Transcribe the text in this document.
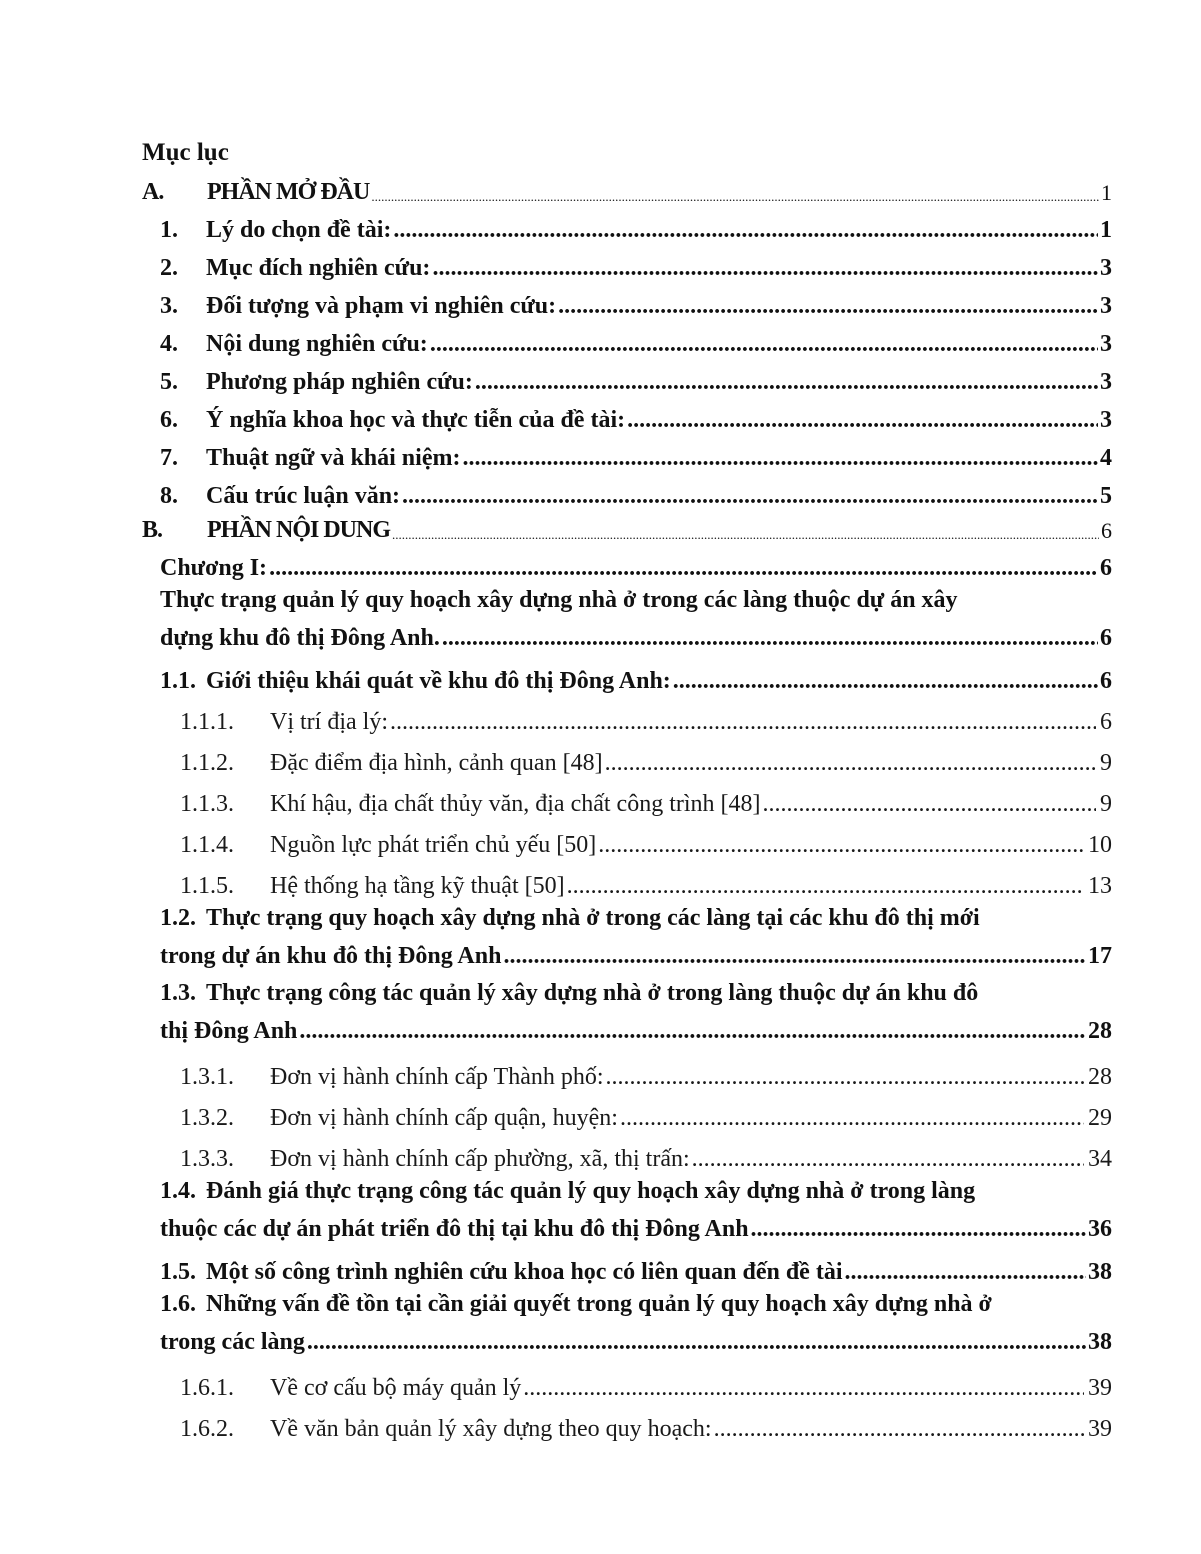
Mục lục
A.	PHẦN MỞ ĐẦU .....	1
1.	Lý do chọn đề tài: .....	1
2.	Mục đích nghiên cứu: .....	3
3.	Đối tượng và phạm vi nghiên cứu: .....	3
4.	Nội dung nghiên cứu: .....	3
5.	Phương pháp nghiên cứu: .....	3
6.	Ý nghĩa khoa học và thực tiễn của đề tài: .....	3
7.	Thuật ngữ và khái niệm: .....	4
8.	Cấu trúc luận văn: .....	5
B.	PHẦN NỘI DUNG .....	6
Chương I: .....	6
Thực trạng quản lý quy hoạch xây dựng nhà ở trong các làng thuộc dự án xây
dựng khu đô thị Đông Anh. .....	6
1.1. Giới thiệu khái quát về khu đô thị Đông Anh: .....	6
1.1.1.	Vị trí địa lý: .....	6
1.1.2.	Đặc điểm địa hình, cảnh quan [48] .....	9
1.1.3.	Khí hậu, địa chất thủy văn, địa chất công trình [48] .....	9
1.1.4.	Nguồn lực phát triển chủ yếu [50] .....	10
1.1.5.	Hệ thống hạ tầng kỹ thuật [50] .....	13
1.2. Thực trạng quy hoạch xây dựng nhà ở trong các làng tại các khu đô thị mới
trong dự án khu đô thị Đông Anh .....	17
1.3. Thực trạng công tác quản lý xây dựng nhà ở trong làng thuộc dự án khu đô
thị Đông Anh .....	28
1.3.1.	Đơn vị hành chính cấp Thành phố: .....	28
1.3.2.	Đơn vị hành chính cấp quận, huyện: .....	29
1.3.3.	Đơn vị hành chính cấp phường, xã, thị trấn: .....	34
1.4. Đánh giá thực trạng công tác quản lý quy hoạch xây dựng nhà ở trong làng
thuộc các dự án phát triển đô thị tại khu đô thị Đông Anh .....	36
1.5. Một số công trình nghiên cứu khoa học có liên quan đến đề tài .....	38
1.6. Những vấn đề tồn tại cần giải quyết trong quản lý quy hoạch xây dựng nhà ở
trong các làng .....	38
1.6.1.	Về cơ cấu bộ máy quản lý .....	39
1.6.2.	Về văn bản quản lý xây dựng theo quy hoạch: .....	39
